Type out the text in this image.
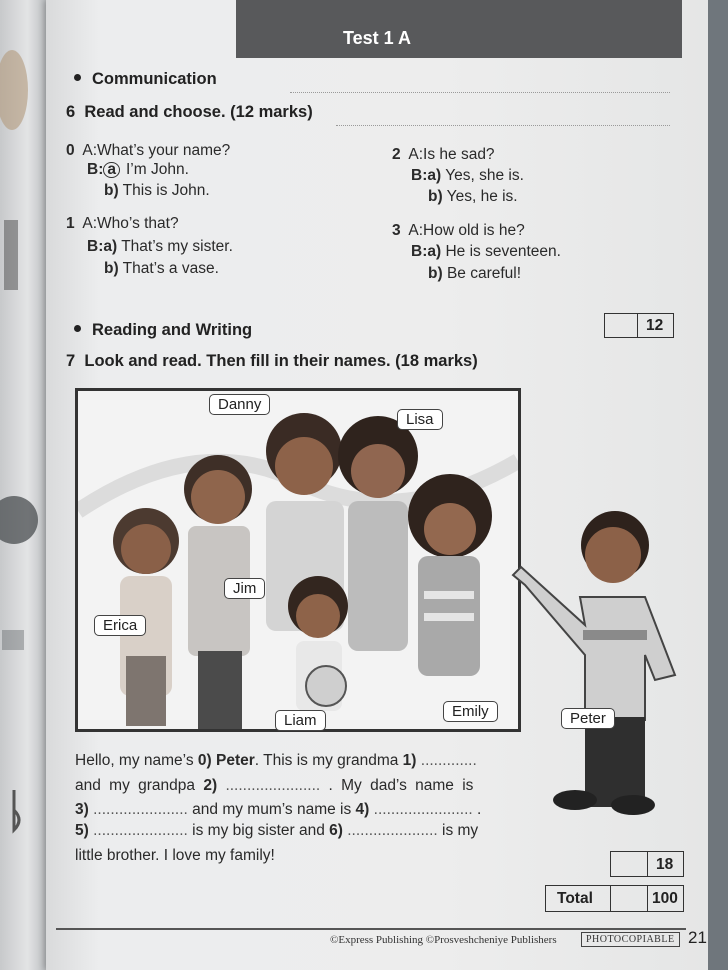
Test 1 A
Communication
6 Read and choose. (12 marks)
0 A:What’s your name?
B: a I’m John.
b) This is John.
1 A:Who’s that?
B:a) That’s my sister.
b) That’s a vase.
2 A:Is he sad?
B:a) Yes, she is.
b) Yes, he is.
3 A:How old is he?
B:a) He is seventeen.
b) Be careful!
12
Reading and Writing
7 Look and read. Then fill in their names. (18 marks)
Danny
Lisa
Jim
Erica
Liam
Emily	Peter
Hello, my name’s 0) Peter. This is my grandma 1) .............
and my grandpa 2) ...................... . My dad’s name is
3) ...................... and my mum’s name is 4) ....................... .
5) ...................... is my big sister and 6) ..................... is my
little brother. I love my family!
18
Total	100
©Express Publishing ©Prosveshcheniye Publishers	PHOTOCOPIABLE 21
